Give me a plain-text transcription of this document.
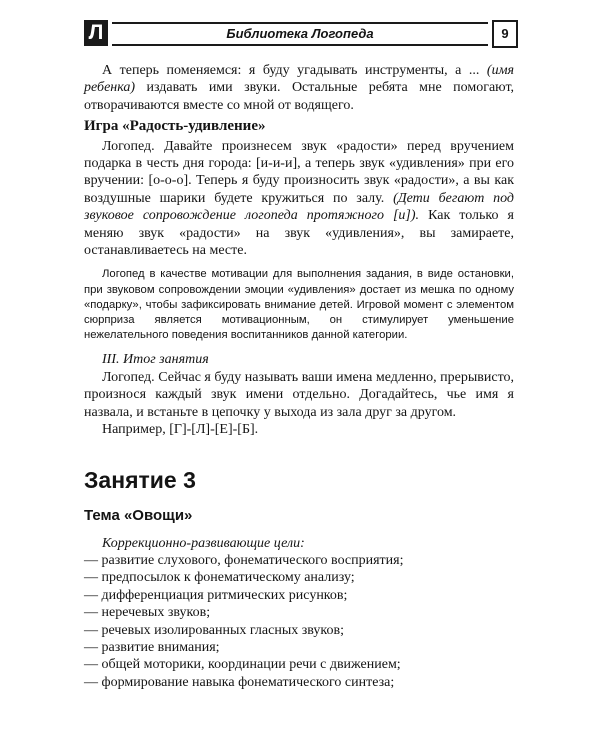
Л	Библиотека Логопеда	9

А теперь поменяемся: я буду угадывать инструменты, а ... (имя ребенка) издавать ими звуки. Остальные ребята мне помогают, отворачиваются вместе со мной от водящего.

Игра «Радость-удивление»

Логопед. Давайте произнесем звук «радости» перед вручением подарка в честь дня города: [и-и-и], а теперь звук «удивления» при его вручении: [о-о-о]. Теперь я буду произносить звук «радости», а вы как воздушные шарики будете кружиться по залу. (Дети бегают под звуковое сопровождение логопеда протяжного [и]). Как только я меняю звук «радости» на звук «удивления», вы замираете, останавливаетесь на месте.

Логопед в качестве мотивации для выполнения задания, в виде остановки, при звуковом сопровождении эмоции «удивления» достает из мешка по одному «подарку», чтобы зафиксировать внимание детей. Игровой момент с элементом сюрприза является мотивационным, он стимулирует уменьшение нежелательного поведения воспитанников данной категории.

III. Итог занятия

Логопед. Сейчас я буду называть ваши имена медленно, прерывисто, произнося каждый звук имени отдельно. Догадайтесь, чье имя я назвала, и встаньте в цепочку у выхода из зала друг за другом.

Например, [Г]-[Л]-[Е]-[Б].

Занятие 3

Тема «Овощи»

Коррекционно-развивающие цели:

— развитие слухового, фонематического восприятия;
— предпосылок к фонематическому анализу;
— дифференциация ритмических рисунков;
— неречевых звуков;
— речевых изолированных гласных звуков;
— развитие внимания;
— общей моторики, координации речи с движением;
— формирование навыка фонематического синтеза;
